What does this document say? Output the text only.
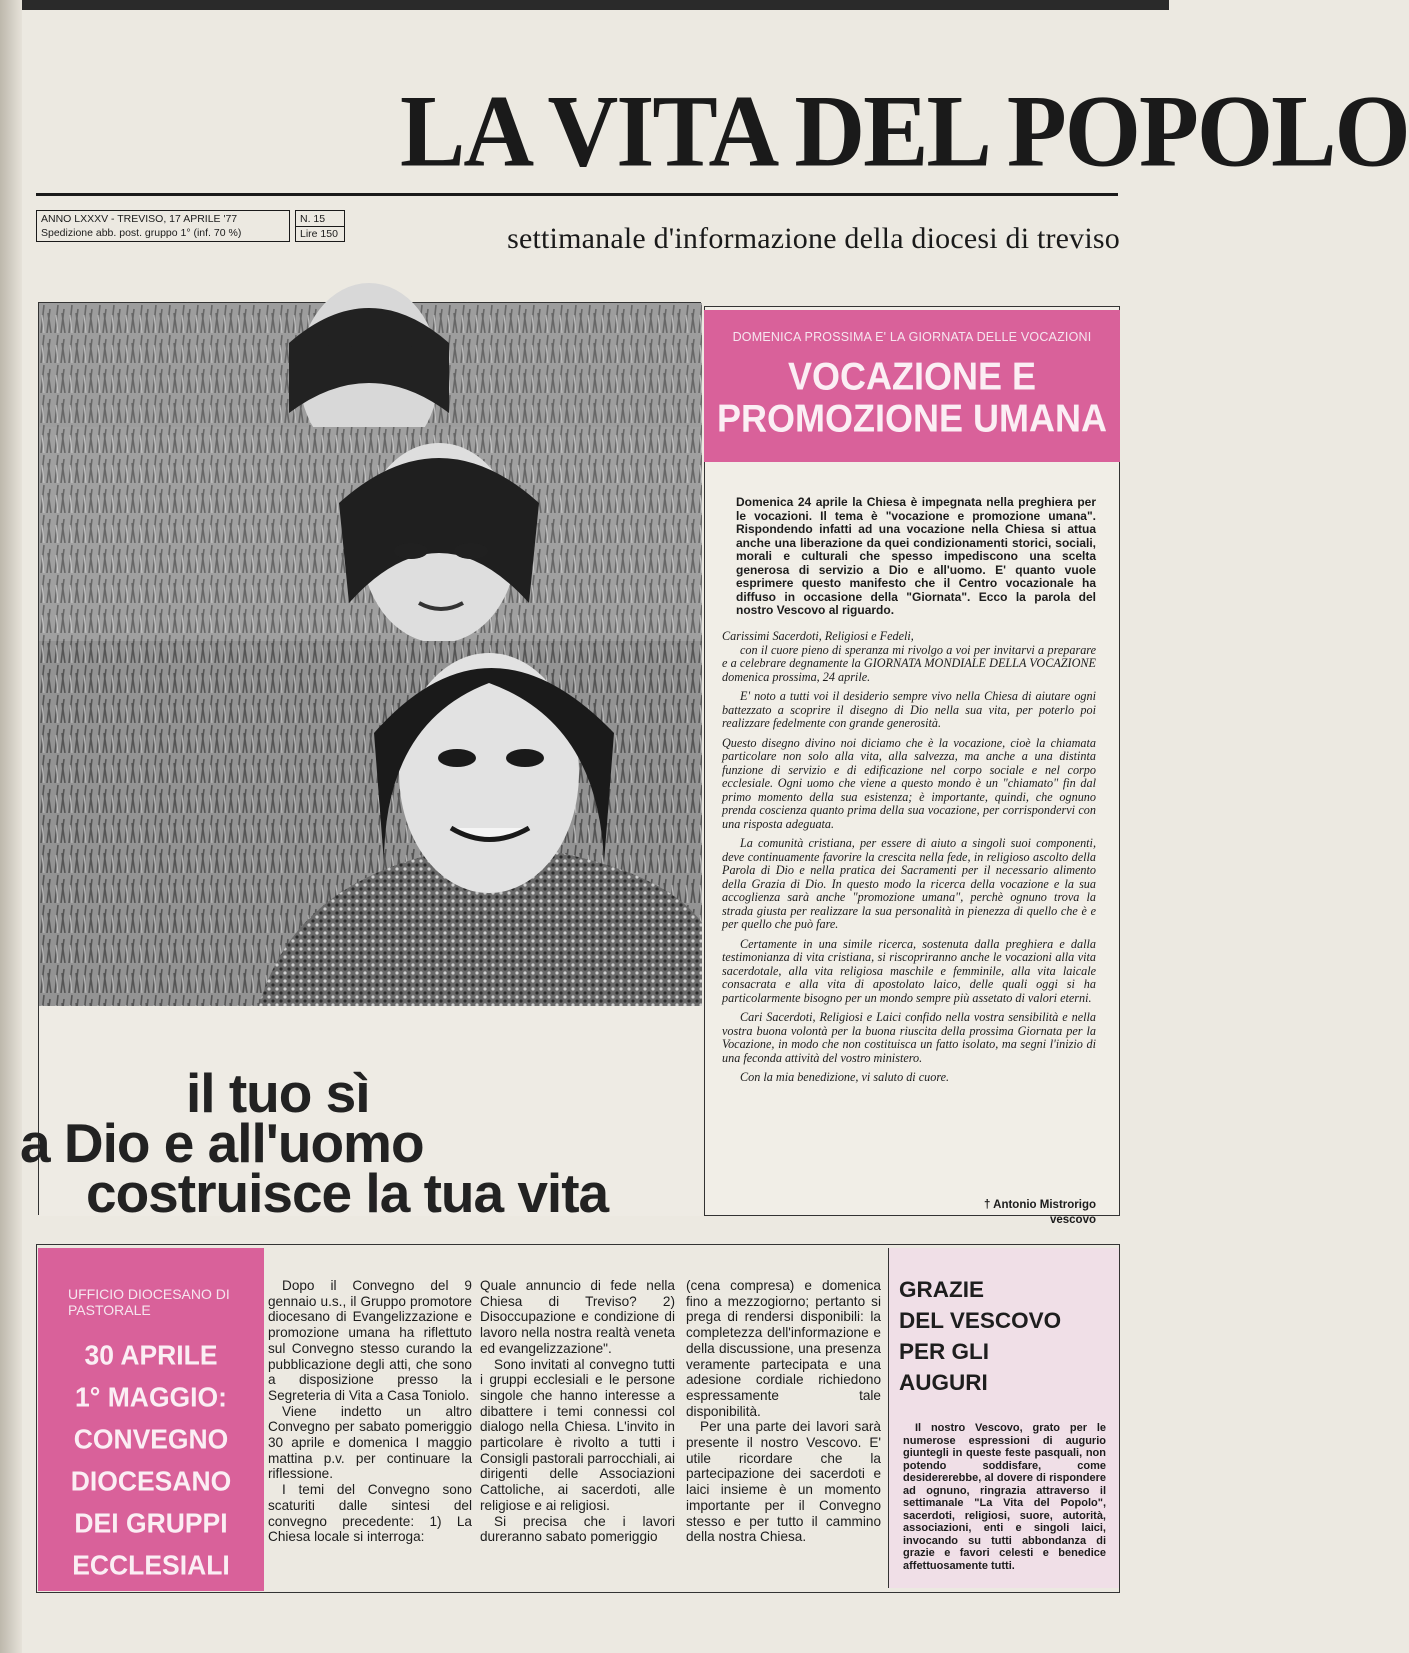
LA VITA DEL POPOLO
ANNO LXXXV - TREVISO, 17 APRILE '77
Spedizione abb. post. gruppo 1° (inf. 70 %)
N. 15
Lire 150	settimanale d'informazione della diocesi di treviso
il tuo sì
a Dio e all'uomo
costruisce la tua vita
DOMENICA PROSSIMA E' LA GIORNATA DELLE VOCAZIONI
VOCAZIONE E
PROMOZIONE UMANA
Domenica 24 aprile la Chiesa è impegnata nella preghiera per le vocazioni. Il tema è "vocazione e promozione umana". Rispondendo infatti ad una vocazione nella Chiesa si attua anche una liberazione da quei condizionamenti storici, sociali, morali e culturali che spesso impediscono una scelta generosa di servizio a Dio e all'uomo. E' quanto vuole esprimere questo manifesto che il Centro vocazionale ha diffuso in occasione della "Giornata". Ecco la parola del nostro Vescovo al riguardo.

Carissimi Sacerdoti, Religiosi e Fedeli,

con il cuore pieno di speranza mi rivolgo a voi per invitarvi a preparare e a celebrare degnamente la GIORNATA MONDIALE DELLA VOCAZIONE domenica prossima, 24 aprile.

E' noto a tutti voi il desiderio sempre vivo nella Chiesa di aiutare ogni battezzato a scoprire il disegno di Dio nella sua vita, per poterlo poi realizzare fedelmente con grande generosità.

Questo disegno divino noi diciamo che è la vocazione, cioè la chiamata particolare non solo alla vita, alla salvezza, ma anche a una distinta funzione di servizio e di edificazione nel corpo sociale e nel corpo ecclesiale. Ogni uomo che viene a questo mondo è un "chiamato" fin dal primo momento della sua esistenza; è importante, quindi, che ognuno prenda coscienza quanto prima della sua vocazione, per corrispondervi con una risposta adeguata.

La comunità cristiana, per essere di aiuto a singoli suoi componenti, deve continuamente favorire la crescita nella fede, in religioso ascolto della Parola di Dio e nella pratica dei Sacramenti per il necessario alimento della Grazia di Dio. In questo modo la ricerca della vocazione e la sua accoglienza sarà anche "promozione umana", perchè ognuno trova la strada giusta per realizzare la sua personalità in pienezza di quello che è e per quello che può fare.

Certamente in una simile ricerca, sostenuta dalla preghiera e dalla testimonianza di vita cristiana, si riscopriranno anche le vocazioni alla vita sacerdotale, alla vita religiosa maschile e femminile, alla vita laicale consacrata e alla vita di apostolato laico, delle quali oggi si ha particolarmente bisogno per un mondo sempre più assetato di valori eterni.

Cari Sacerdoti, Religiosi e Laici confido nella vostra sensibilità e nella vostra buona volontà per la buona riuscita della prossima Giornata per la Vocazione, in modo che non costituisca un fatto isolato, ma segni l'inizio di una feconda attività del vostro ministero.

Con la mia benedizione, vi saluto di cuore.

† Antonio Mistrorigo
vescovo
UFFICIO DIOCESANO DI PASTORALE
30 APRILE
1° MAGGIO:
CONVEGNO
DIOCESANO
DEI GRUPPI
ECCLESIALI

Dopo il Convegno del 9 gennaio u.s., il Gruppo promotore diocesano di Evangelizzazione e promozione umana ha riflettuto sul Convegno stesso curando la pubblicazione degli atti, che sono a disposizione presso la Segreteria di Vita a Casa Toniolo.

Viene indetto un altro Convegno per sabato pomeriggio 30 aprile e domenica I maggio mattina p.v. per continuare la riflessione.

I temi del Convegno sono scaturiti dalle sintesi del convegno precedente: 1) La Chiesa locale si interroga:

Quale annuncio di fede nella Chiesa di Treviso? 2) Disoccupazione e condizione di lavoro nella nostra realtà veneta ed evangelizzazione".

Sono invitati al convegno tutti i gruppi ecclesiali e le persone singole che hanno interesse a dibattere i temi connessi col dialogo nella Chiesa. L'invito in particolare è rivolto a tutti i Consigli pastorali parrocchiali, ai dirigenti delle Associazioni Cattoliche, ai sacerdoti, alle religiose e ai religiosi.

Si precisa che i lavori dureranno sabato pomeriggio

(cena compresa) e domenica fino a mezzogiorno; pertanto si prega di rendersi disponibili: la completezza dell'informazione e della discussione, una presenza veramente partecipata e una adesione cordiale richiedono espressamente tale disponibilità.

Per una parte dei lavori sarà presente il nostro Vescovo. E' utile ricordare che la partecipazione dei sacerdoti e laici insieme è un momento importante per il Convegno stesso e per tutto il cammino della nostra Chiesa.

GRAZIE
DEL VESCOVO
PER GLI
AUGURI

Il nostro Vescovo, grato per le numerose espressioni di augurio giuntegli in queste feste pasquali, non potendo soddisfare, come desidererebbe, al dovere di rispondere ad ognuno, ringrazia attraverso il settimanale "La Vita del Popolo", sacerdoti, religiosi, suore, autorità, associazioni, enti e singoli laici, invocando su tutti abbondanza di grazie e favori celesti e benedice affettuosamente tutti.
